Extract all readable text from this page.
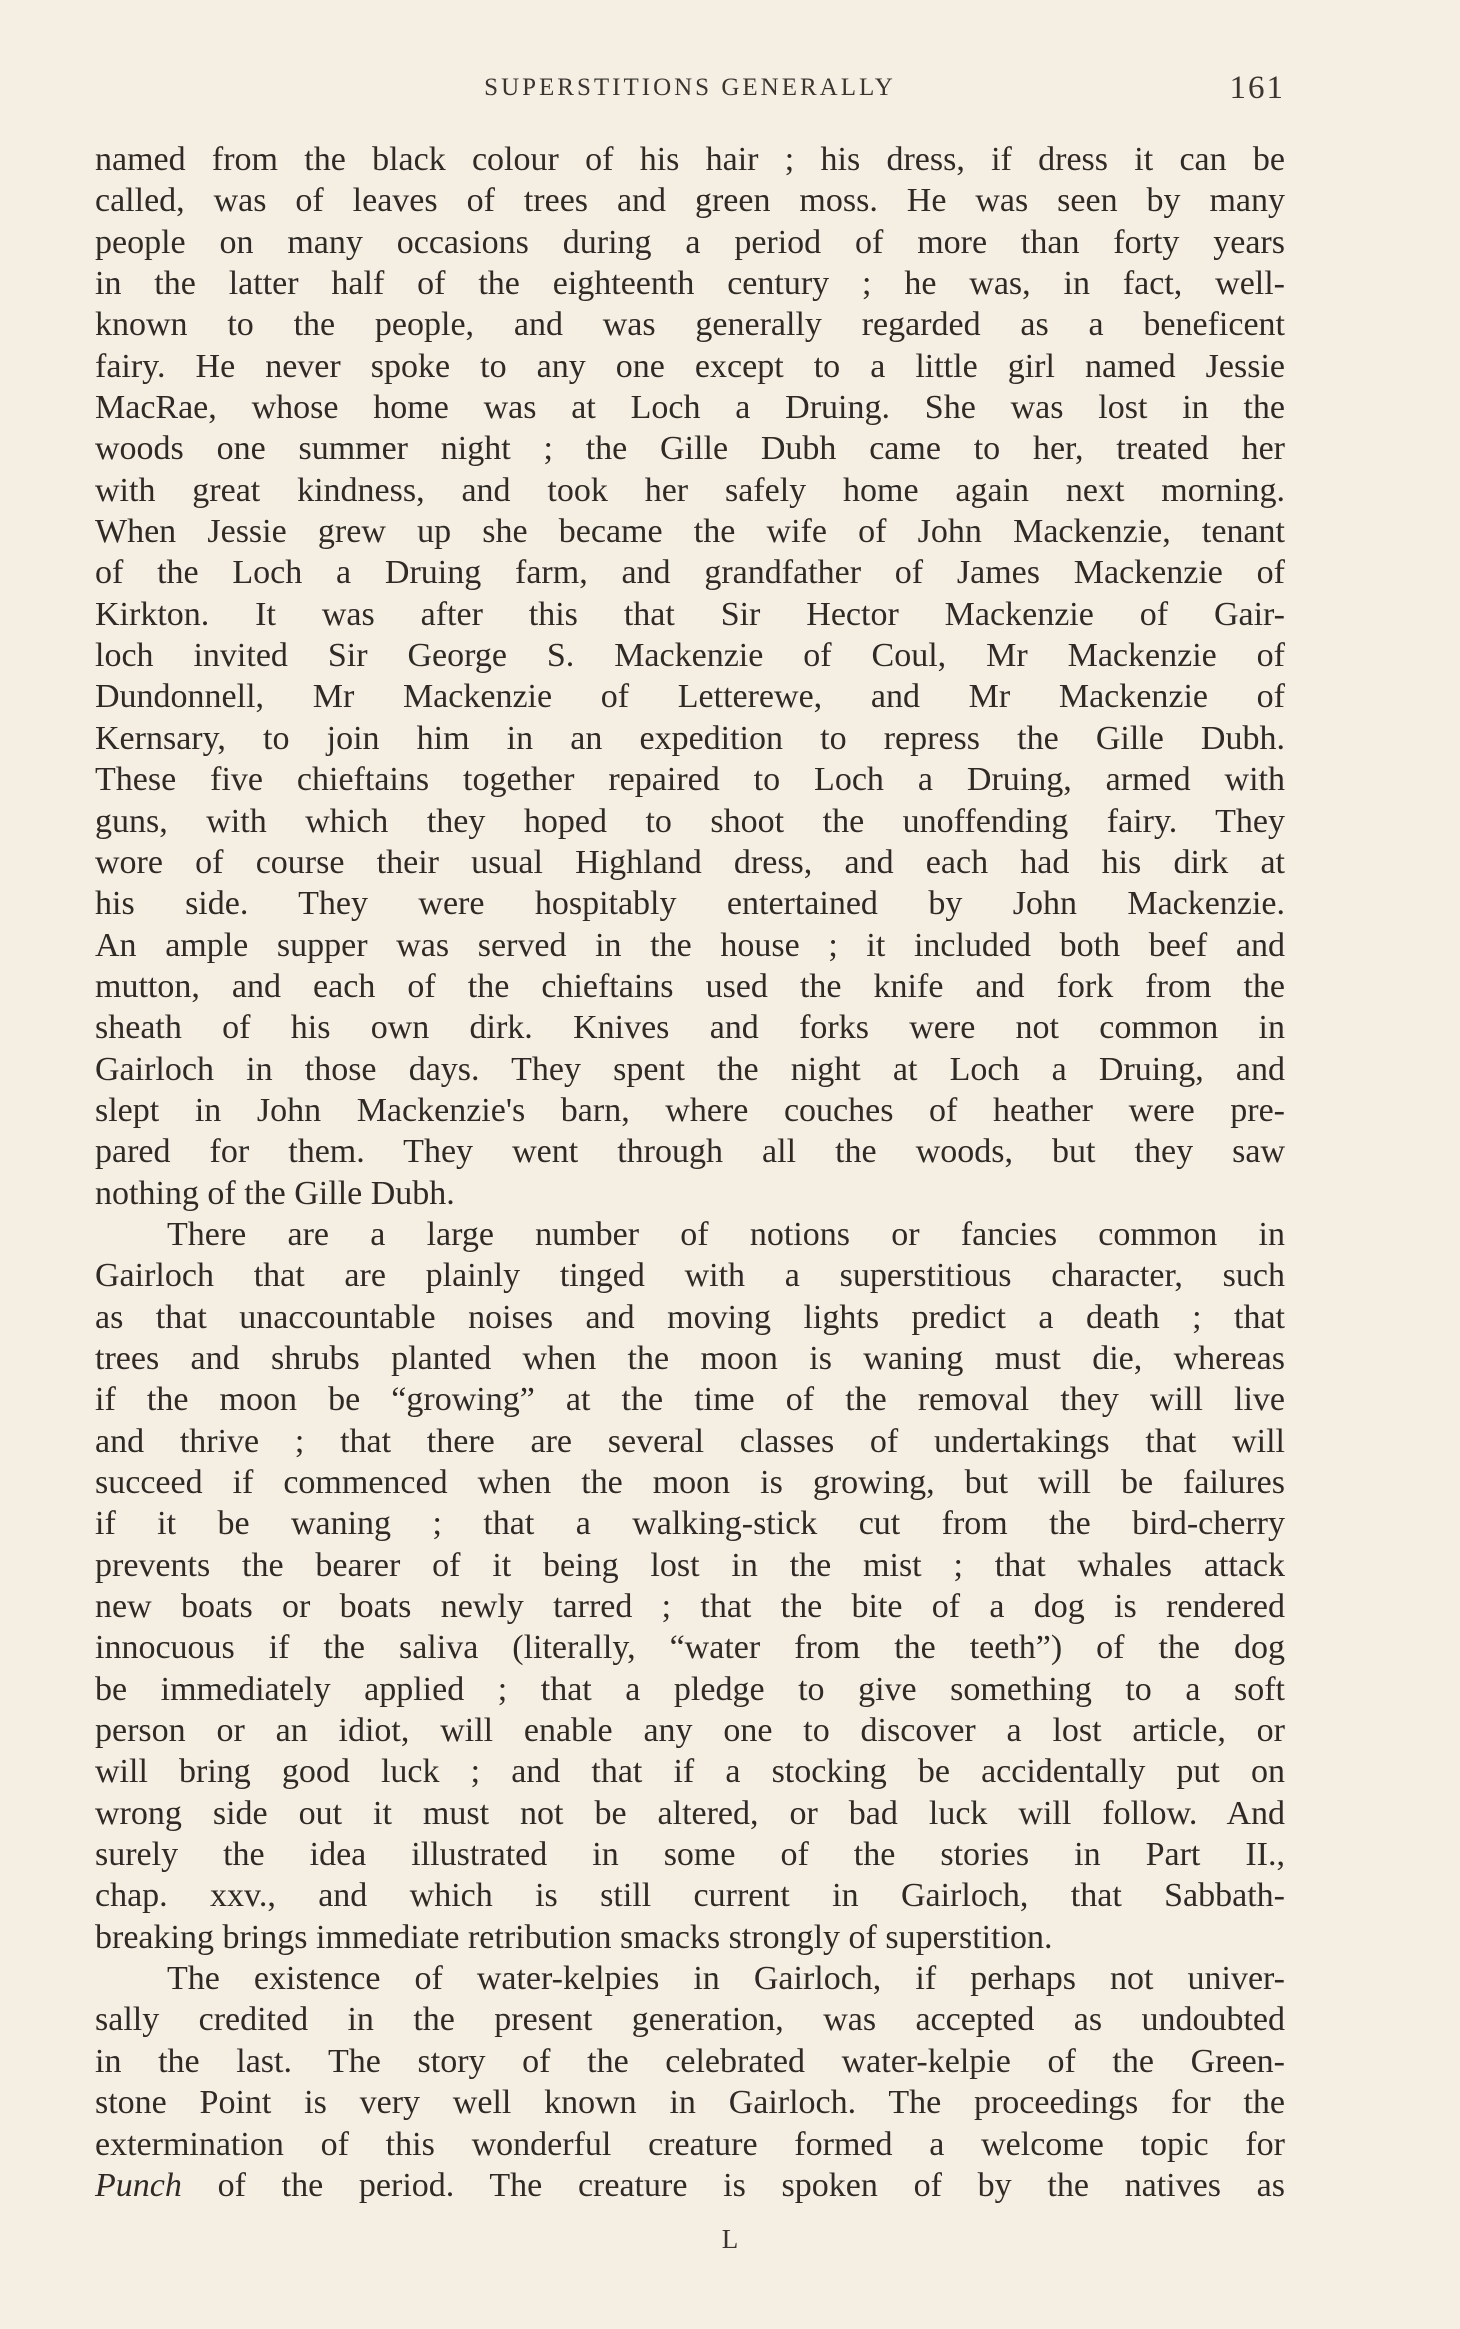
SUPERSTITIONS GENERALLY	161
named from the black colour of his hair ; his dress, if dress it can be
called, was of leaves of trees and green moss. He was seen by many
people on many occasions during a period of more than forty years
in the latter half of the eighteenth century ; he was, in fact, well-
known to the people, and was generally regarded as a beneficent
fairy. He never spoke to any one except to a little girl named Jessie
MacRae, whose home was at Loch a Druing. She was lost in the
woods one summer night ; the Gille Dubh came to her, treated her
with great kindness, and took her safely home again next morning.
When Jessie grew up she became the wife of John Mackenzie, tenant
of the Loch a Druing farm, and grandfather of James Mackenzie of
Kirkton. It was after this that Sir Hector Mackenzie of Gair-
loch invited Sir George S. Mackenzie of Coul, Mr Mackenzie of
Dundonnell, Mr Mackenzie of Letterewe, and Mr Mackenzie of
Kernsary, to join him in an expedition to repress the Gille Dubh.
These five chieftains together repaired to Loch a Druing, armed with
guns, with which they hoped to shoot the unoffending fairy. They
wore of course their usual Highland dress, and each had his dirk at
his side. They were hospitably entertained by John Mackenzie.
An ample supper was served in the house ; it included both beef and
mutton, and each of the chieftains used the knife and fork from the
sheath of his own dirk. Knives and forks were not common in
Gairloch in those days. They spent the night at Loch a Druing, and
slept in John Mackenzie's barn, where couches of heather were pre-
pared for them. They went through all the woods, but they saw
nothing of the Gille Dubh.
There are a large number of notions or fancies common in
Gairloch that are plainly tinged with a superstitious character, such
as that unaccountable noises and moving lights predict a death ; that
trees and shrubs planted when the moon is waning must die, whereas
if the moon be “growing” at the time of the removal they will live
and thrive ; that there are several classes of undertakings that will
succeed if commenced when the moon is growing, but will be failures
if it be waning ; that a walking-stick cut from the bird-cherry
prevents the bearer of it being lost in the mist ; that whales attack
new boats or boats newly tarred ; that the bite of a dog is rendered
innocuous if the saliva (literally, “water from the teeth”) of the dog
be immediately applied ; that a pledge to give something to a soft
person or an idiot, will enable any one to discover a lost article, or
will bring good luck ; and that if a stocking be accidentally put on
wrong side out it must not be altered, or bad luck will follow. And
surely the idea illustrated in some of the stories in Part II.,
chap. xxv., and which is still current in Gairloch, that Sabbath-
breaking brings immediate retribution smacks strongly of superstition.
The existence of water-kelpies in Gairloch, if perhaps not univer-
sally credited in the present generation, was accepted as undoubted
in the last. The story of the celebrated water-kelpie of the Green-
stone Point is very well known in Gairloch. The proceedings for the
extermination of this wonderful creature formed a welcome topic for
Punch of the period. The creature is spoken of by the natives as
L
